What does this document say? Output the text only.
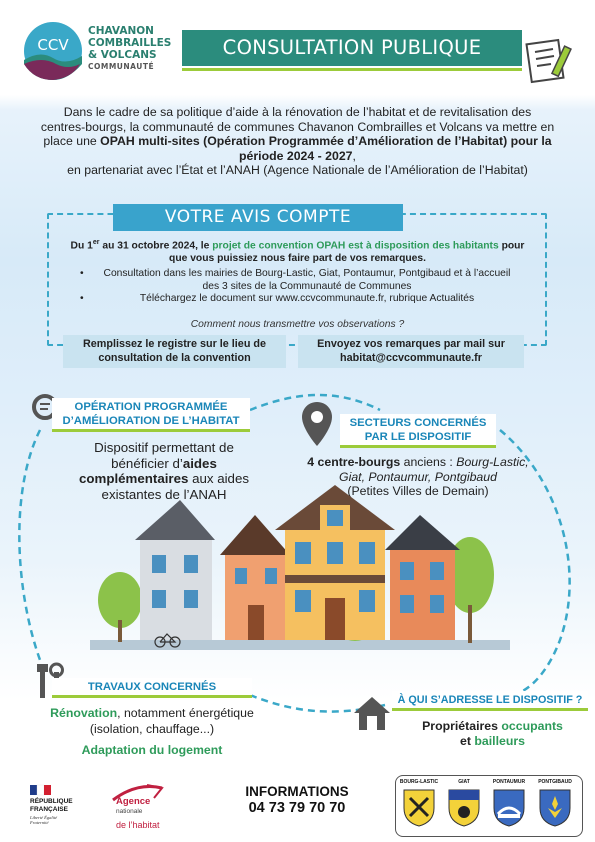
CCV
CHAVANON
COMBRAILLES
& VOLCANS
COMMUNAUTÉ
CONSULTATION PUBLIQUE
Dans le cadre de sa politique d’aide à la rénovation de l’habitat et de revitalisation des centres-bourgs, la communauté de communes Chavanon Combrailles et Volcans va mettre en place une OPAH multi-sites (Opération Programmée d’Amélioration de l’Habitat) pour la période 2024 - 2027,
en partenariat avec l’État et l’ANAH (Agence Nationale de l’Amélioration de l’Habitat)
VOTRE AVIS COMPTE
Du 1er au 31 octobre 2024, le projet de convention OPAH est à disposition des habitants pour que vous puissiez nous faire part de vos remarques.
• Consultation dans les mairies de Bourg-Lastic, Giat, Pontaumur, Pontgibaud et à l’accueil des 3 sites de la Communauté de Communes
• Téléchargez le document sur www.ccvcommunaute.fr, rubrique Actualités
Comment nous transmettre vos observations ?
Remplissez le registre sur le lieu de consultation de la convention
Envoyez vos remarques par mail sur
habitat@ccvcommunaute.fr
OPÉRATION PROGRAMMÉE
D’AMÉLIORATION DE L’HABITAT
Dispositif permettant de bénéficier d’aides complémentaires aux aides existantes de l’ANAH
SECTEURS CONCERNÉS
PAR LE DISPOSITIF
4 centre-bourgs anciens : Bourg-Lastic, Giat, Pontaumur, Pontgibaud
(Petites Villes de Demain)
TRAVAUX CONCERNÉS
Rénovation, notamment énergétique
(isolation, chauffage...)
Adaptation du logement
À QUI S’ADRESSE LE DISPOSITIF ?
Propriétaires occupants
et bailleurs
RÉPUBLIQUE
FRANÇAISE
Liberté Égalité Fraternité
Agence
nationale
de l’habitat
INFORMATIONS
04 73 79 70 70
BOURG-LASTIC	GIAT	PONTAUMUR	PONTGIBAUD
